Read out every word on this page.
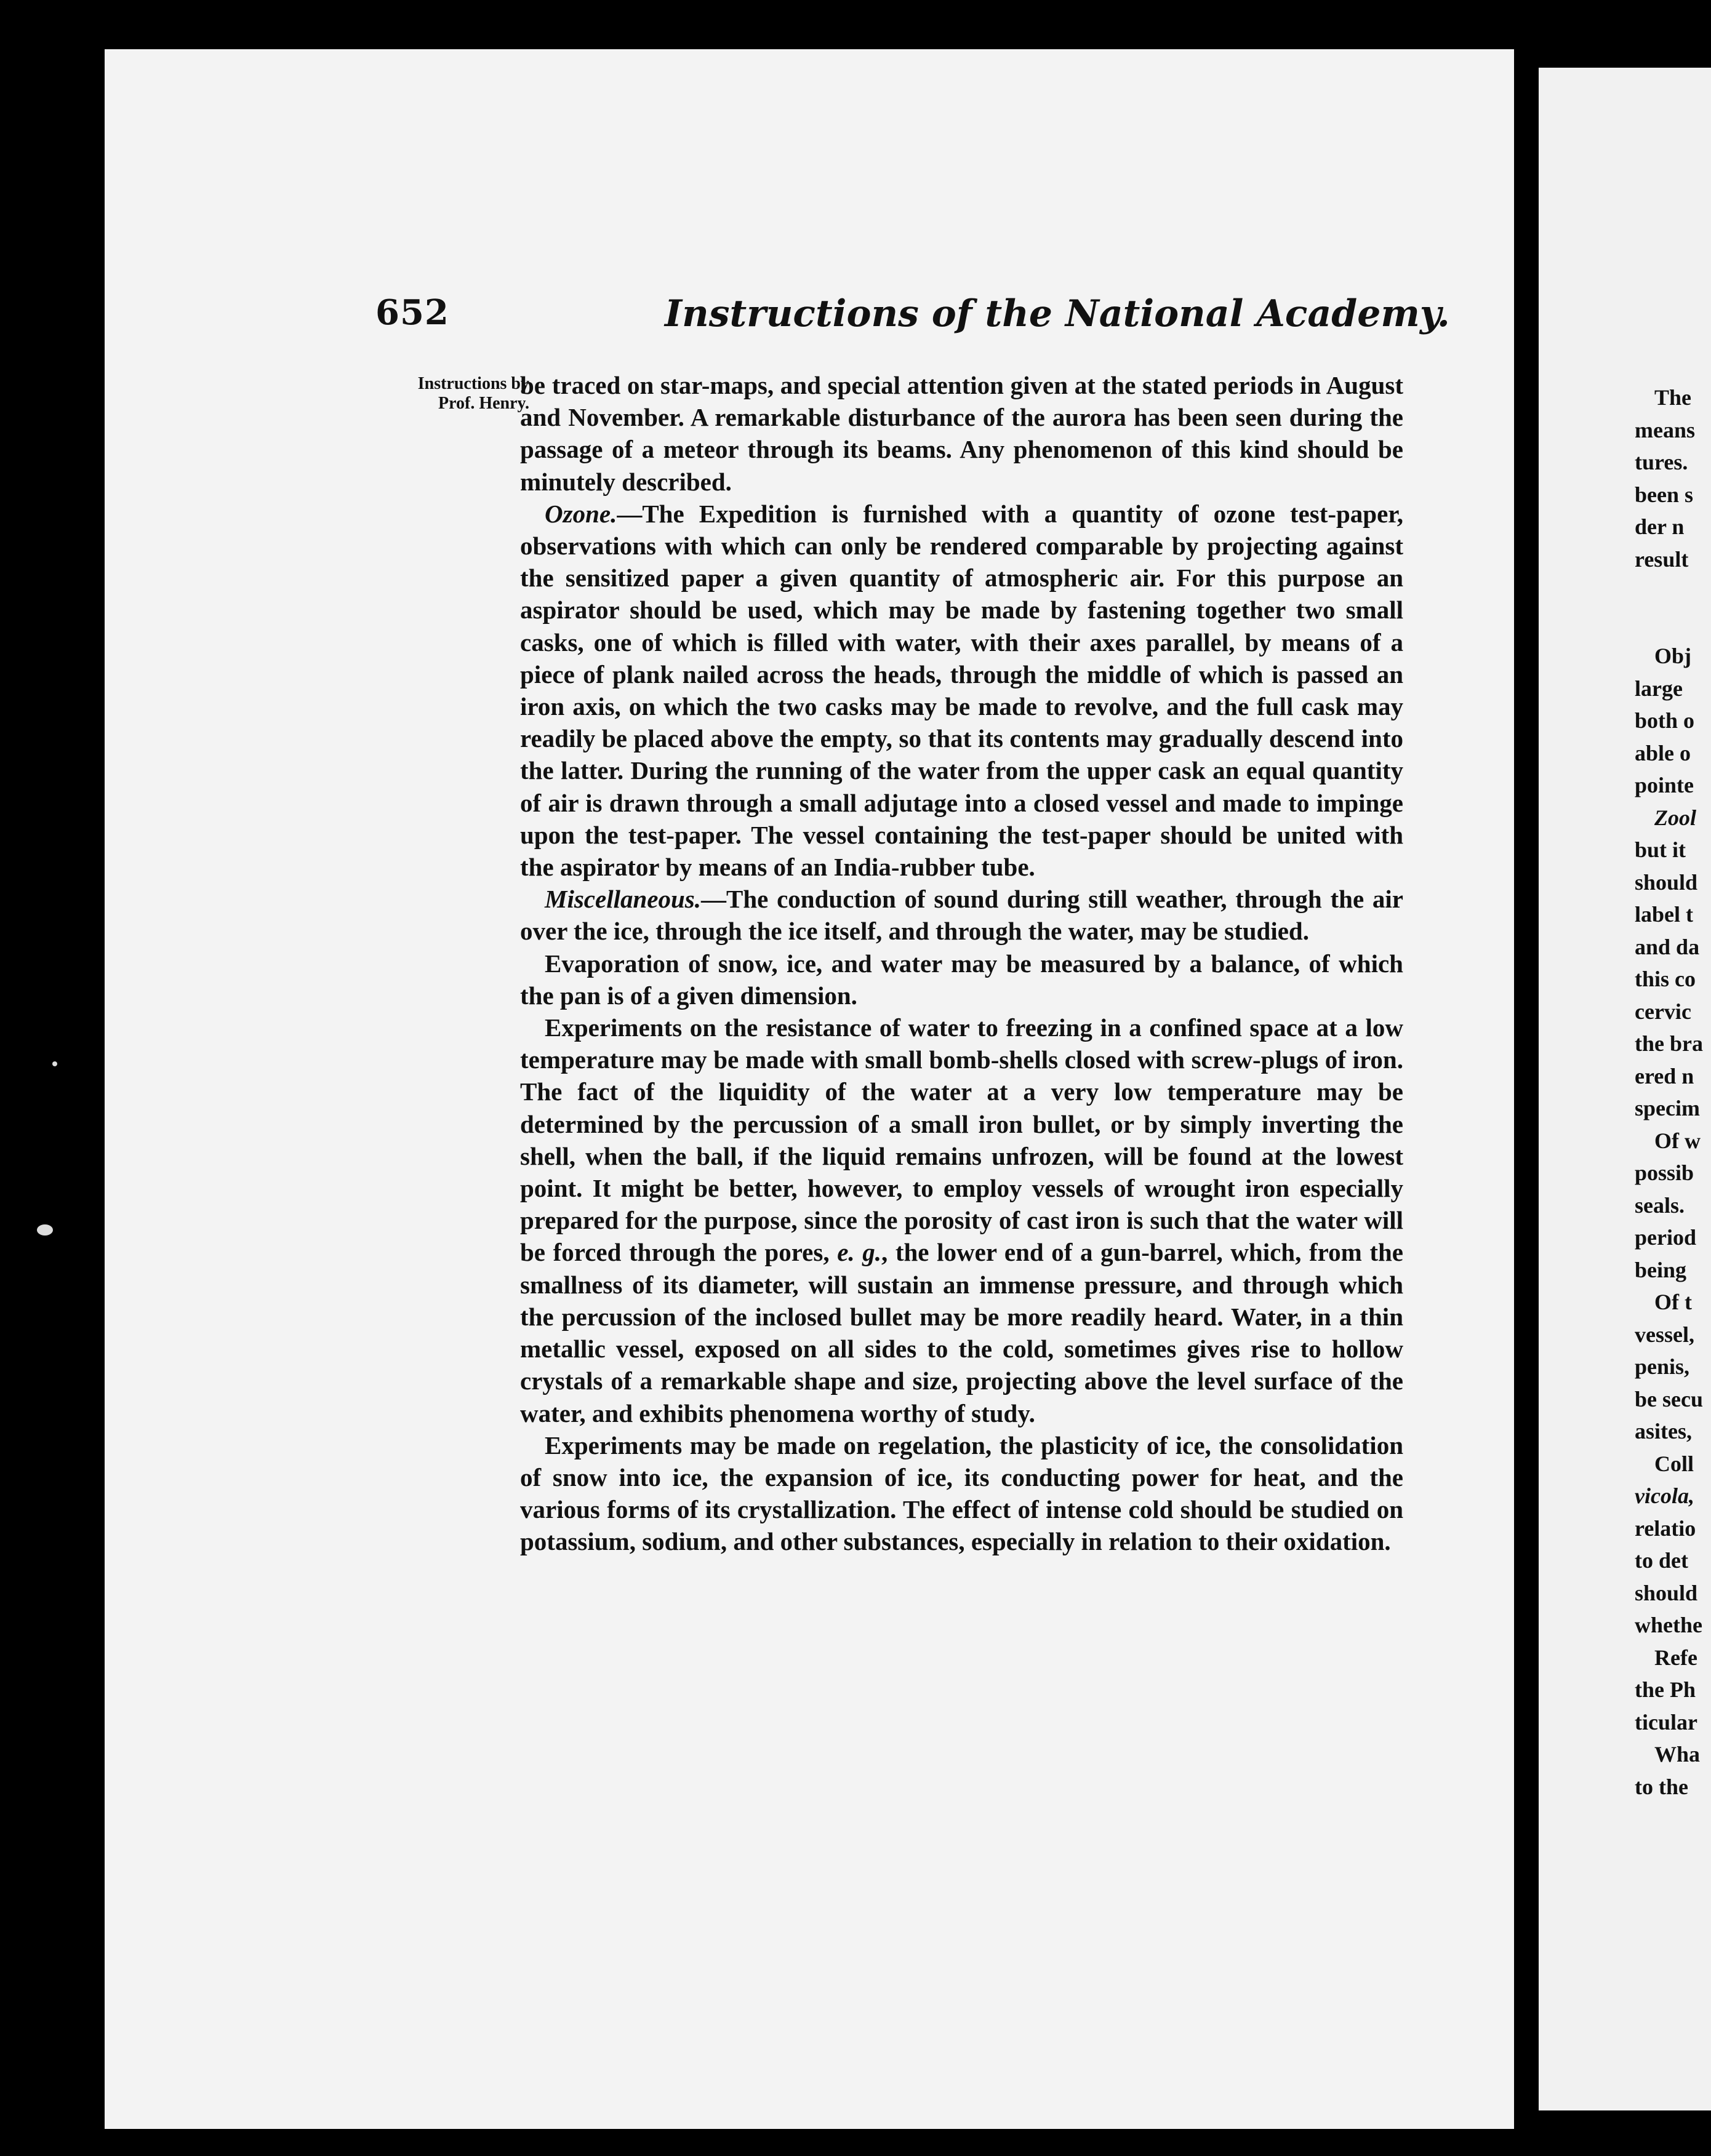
652	Instructions of the National Academy.
Instructions by
Prof. Henry.

be traced on star-maps, and special attention given at the stated periods in August and November. A remarkable disturbance of the aurora has been seen during the passage of a meteor through its beams. Any phenomenon of this kind should be minutely described.

Ozone.—The Expedition is furnished with a quantity of ozone test-paper, observations with which can only be rendered comparable by projecting against the sensitized paper a given quantity of atmospheric air. For this purpose an aspirator should be used, which may be made by fastening together two small casks, one of which is filled with water, with their axes parallel, by means of a piece of plank nailed across the heads, through the middle of which is passed an iron axis, on which the two casks may be made to revolve, and the full cask may readily be placed above the empty, so that its contents may gradually descend into the latter. During the running of the water from the upper cask an equal quantity of air is drawn through a small adjutage into a closed vessel and made to impinge upon the test-paper. The vessel containing the test-paper should be united with the aspirator by means of an India-rubber tube.

Miscellaneous.—The conduction of sound during still weather, through the air over the ice, through the ice itself, and through the water, may be studied.

Evaporation of snow, ice, and water may be measured by a balance, of which the pan is of a given dimension.

Experiments on the resistance of water to freezing in a confined space at a low temperature may be made with small bomb-shells closed with screw-plugs of iron. The fact of the liquidity of the water at a very low temperature may be determined by the percussion of a small iron bullet, or by simply inverting the shell, when the ball, if the liquid remains unfrozen, will be found at the lowest point. It might be better, however, to employ vessels of wrought iron especially prepared for the purpose, since the porosity of cast iron is such that the water will be forced through the pores, e. g., the lower end of a gun-barrel, which, from the smallness of its diameter, will sustain an immense pressure, and through which the percussion of the inclosed bullet may be more readily heard. Water, in a thin metallic vessel, exposed on all sides to the cold, sometimes gives rise to hollow crystals of a remarkable shape and size, projecting above the level surface of the water, and exhibits phenomena worthy of study.

Experiments may be made on regelation, the plasticity of ice, the consolidation of snow into ice, the expansion of ice, its conducting power for heat, and the various forms of its crystallization. The effect of intense cold should be studied on potassium, sodium, and other substances, especially in relation to their oxidation.

The
means
tures.
been s
der n
result
Obj
large
both o
able o
pointe
Zool
but it
should
label t
and da
this co
cervic
the bra
ered n
specim
Of w
possib
seals.
period
being
Of t
vessel,
penis,
be secu
asites,
Coll
vicola,
relatio
to det
should
whethe
Refe
the Ph
ticular
Wha
to the
